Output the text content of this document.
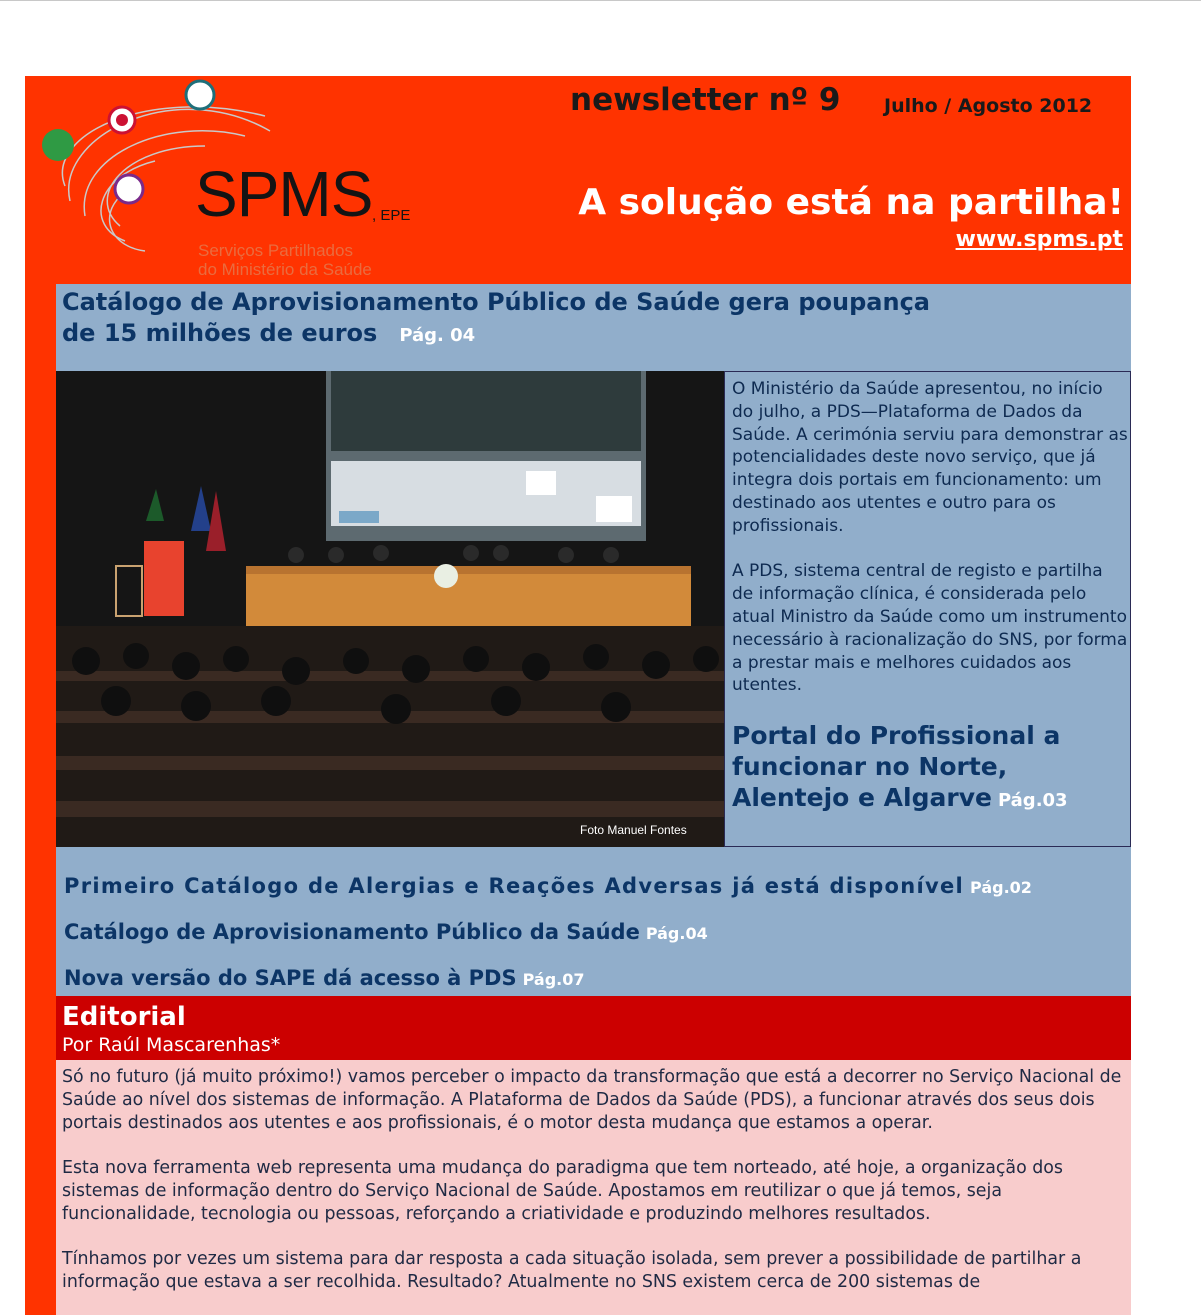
SPMS , EPE
Serviços Partilhados
do Ministério da Saúde
newsletter nº 9 Julho / Agosto 2012
A solução está na partilha!
www.spms.pt
Catálogo de Aprovisionamento Público de Saúde gera poupança
de 15 milhões de euros Pág. 04
Foto Manuel Fontes

O Ministério da Saúde apresentou, no início do julho, a PDS—Plataforma de Dados da Saúde. A cerimónia serviu para demonstrar as potencialidades deste novo serviço, que já integra dois portais em funcionamento: um destinado aos utentes e outro para os profissionais.

A PDS, sistema central de registo e partilha de informação clínica, é considerada pelo atual Ministro da Saúde como um instrumento necessário à racionalização do SNS, por forma a prestar mais e melhores cuidados aos utentes.

Portal do Profissional a funcionar no Norte, Alentejo e Algarve Pág.03
Primeiro Catálogo de Alergias e Reações Adversas já está disponível Pág.02
Catálogo de Aprovisionamento Público da Saúde Pág.04
Nova versão do SAPE dá acesso à PDS Pág.07
Editorial
Por Raúl Mascarenhas*

Só no futuro (já muito próximo!) vamos perceber o impacto da transformação que está a decorrer no Serviço Nacional de Saúde ao nível dos sistemas de informação. A Plataforma de Dados da Saúde (PDS), a funcionar através dos seus dois portais destinados aos utentes e aos profissionais, é o motor desta mudança que estamos a operar.

Esta nova ferramenta web representa uma mudança do paradigma que tem norteado, até hoje, a organização dos sistemas de informação dentro do Serviço Nacional de Saúde. Apostamos em reutilizar o que já temos, seja funcionalidade, tecnologia ou pessoas, reforçando a criatividade e produzindo melhores resultados.

Tínhamos por vezes um sistema para dar resposta a cada situação isolada, sem prever a possibilidade de partilhar a informação que estava a ser recolhida. Resultado? Atualmente no SNS existem cerca de 200 sistemas de
